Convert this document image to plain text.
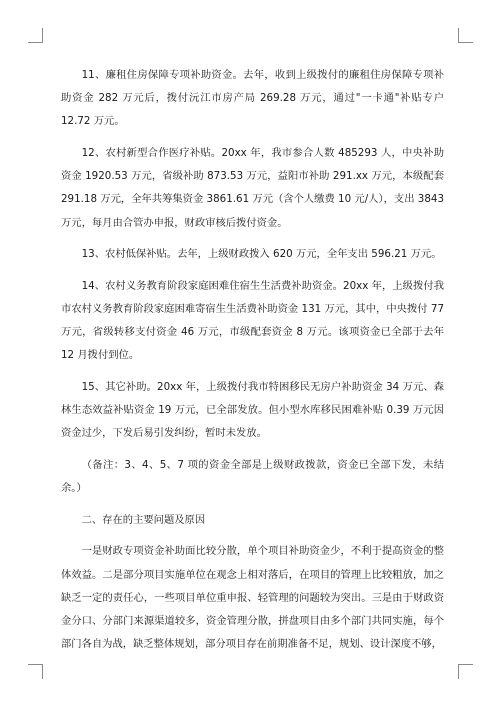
11、廉租住房保障专项补助资金。去年，收到上级拨付的廉租住房保障专项补助资金 282 万元后，拨付沅江市房产局 269.28 万元，通过"一卡通"补贴专户 12.72 万元。

12、农村新型合作医疗补贴。20xx 年，我市参合人数 485293 人，中央补助资金 1920.53 万元，省级补助 873.53 万元，益阳市补助 291.xx 万元，本级配套 291.18 万元，全年共筹集资金 3861.61 万元（含个人缴费 10 元/人），支出 3843 万元，每月由合管办申报，财政审核后拨付资金。

13、农村低保补贴。去年，上级财政拨入 620 万元，全年支出 596.21 万元。

14、农村义务教育阶段家庭困难住宿生生活费补助资金。20xx 年，上级拨付我市农村义务教育阶段家庭困难寄宿生生活费补助资金 131 万元，其中，中央拨付 77 万元，省级转移支付资金 46 万元，市级配套资金 8 万元。该项资金已全部于去年 12 月拨付到位。

15、其它补助。20xx 年，上级拨付我市特困移民无房户补助资金 34 万元、森林生态效益补贴资金 19 万元，已全部发放。但小型水库移民困难补贴 0.39 万元因资金过少，下发后易引发纠纷，暂时未发放。

（备注：3、4、5、7 项的资金全部是上级财政拨款，资金已全部下发，未结余。）

二、存在的主要问题及原因

一是财政专项资金补助面比较分散，单个项目补助资金少，不利于提高资金的整体效益。二是部分项目实施单位在观念上相对落后，在项目的管理上比较粗放，加之缺乏一定的责任心，一些项目单位重申报、轻管理的问题较为突出。三是由于财政资金分口、分部门来源渠道较多，资金管理分散，拼盘项目由多个部门共同实施，每个部门各自为战，缺乏整体规划，部分项目存在前期准备不足，规划、设计深度不够，
